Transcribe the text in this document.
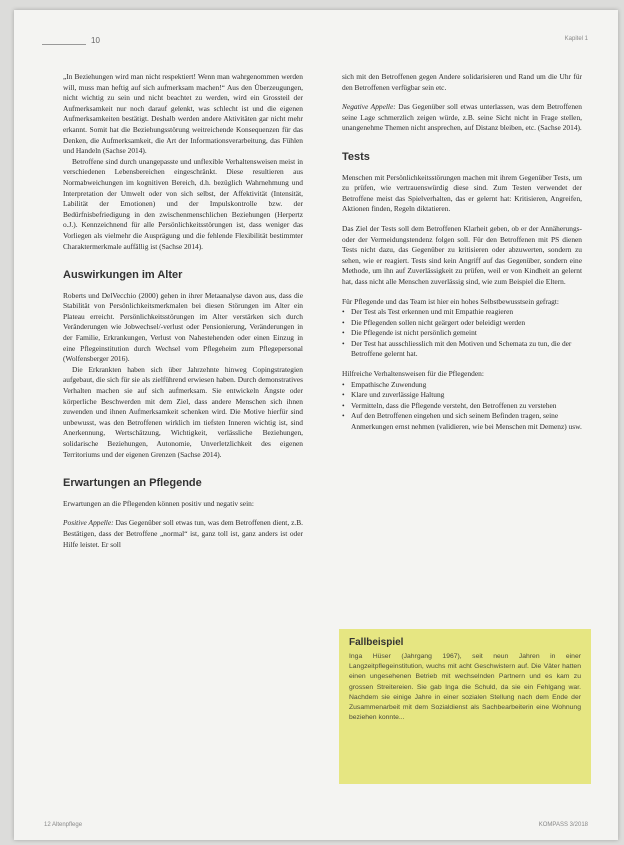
10	Kapitel 1

„In Beziehungen wird man nicht respektiert! Wenn man wahrgenommen werden will, muss man heftig auf sich aufmerksam machen!“ Aus den Überzeugungen, nicht wichtig zu sein und nicht beachtet zu werden, wird ein Grossteil der Aufmerksamkeit nur noch darauf gelenkt, was schlecht ist und die eigenen Aufmerksamkeiten bestätigt. Deshalb werden andere Aktivitäten gar nicht mehr erkannt. Somit hat die Beziehungsstörung weitreichende Konsequenzen für das Denken, die Aufmerksamkeit, die Art der Informationsverarbeitung, das Fühlen und Handeln (Sachse 2014).

Betroffene sind durch unangepasste und unflexible Verhaltensweisen meist in verschiedenen Lebensbereichen eingeschränkt. Diese resultieren aus Normabweichungen im kognitiven Bereich, d.h. bezüglich Wahrnehmung und Interpretation der Umwelt oder von sich selbst, der Affektivität (Intensität, Labilität der Emotionen) und der Impulskontrolle bzw. der Bedürfnisbefriedigung in den zwischenmenschlichen Beziehungen (Herpertz o.J.). Kennzeichnend für alle Persönlichkeitsstörungen ist, dass weniger das Vorliegen als vielmehr die Ausprägung und die fehlende Flexibilität bestimmter Charaktermerkmale auffällig ist (Sachse 2014).

Auswirkungen im Alter

Roberts und DelVecchio (2000) gehen in ihrer Metaanalyse davon aus, dass die Stabilität von Persönlichkeitsmerkmalen bei diesen Störungen im Alter ein Plateau erreicht. Persönlichkeitsstörungen im Alter verstärken sich durch Veränderungen wie Jobwechsel/-verlust oder Pensionierung, Veränderungen in der Familie, Erkrankungen, Verlust von Nahestehenden oder einen Einzug in eine Pflegeinstitution durch Wechsel vom Pflegeheim zum Pflegepersonal (Wolfensberger 2016).

Die Erkrankten haben sich über Jahrzehnte hinweg Copingstrategien aufgebaut, die sich für sie als zielführend erwiesen haben. Durch demonstratives Verhalten machen sie auf sich aufmerksam. Sie entwickeln Ängste oder körperliche Beschwerden mit dem Ziel, dass andere Menschen sich ihnen zuwenden und ihnen Aufmerksamkeit schenken wird. Die Motive hierfür sind unbewusst, was den Betroffenen wirklich im tiefsten Inneren wichtig ist, sind Anerkennung, Wertschätzung, Wichtigkeit, verlässliche Beziehungen, solidarische Beziehungen, Autonomie, Unverletzlichkeit des eigenen Territoriums und der eigenen Grenzen (Sachse 2014).

Erwartungen an Pflegende

Erwartungen an die Pflegenden können positiv und negativ sein:

Positive Appelle: Das Gegenüber soll etwas tun, was dem Betroffenen dient, z.B. Bestätigen, dass der Betroffene „normal“ ist, ganz toll ist, ganz anders ist oder Hilfe leistet. Er soll

sich mit den Betroffenen gegen Andere solidarisieren und Rand um die Uhr für den Betroffenen verfügbar sein etc.

Negative Appelle: Das Gegenüber soll etwas unterlassen, was dem Betroffenen seine Lage schmerzlich zeigen würde, z.B. seine Sicht nicht in Frage stellen, unangenehme Themen nicht ansprechen, auf Distanz bleiben, etc. (Sachse 2014).

Tests

Menschen mit Persönlichkeitsstörungen machen mit ihrem Gegenüber Tests, um zu prüfen, wie vertrauenswürdig diese sind. Zum Testen verwendet der Betroffene meist das Spielverhalten, das er gelernt hat: Kritisieren, Angreifen, Aktionen finden, Regeln diktatieren.

Das Ziel der Tests soll dem Betroffenen Klarheit geben, ob er der Annäherungs- oder der Vermeidungstendenz folgen soll. Für den Betroffenen mit PS dienen Tests nicht dazu, das Gegenüber zu kritisieren oder abzuwerten, sondern zu sehen, wie er reagiert. Tests sind kein Angriff auf das Gegenüber, sondern eine Methode, um ihn auf Zuverlässigkeit zu prüfen, weil er von Kindheit an gelernt hat, dass nicht alle Menschen zuverlässig sind, wie zum Beispiel die Eltern.

Für Pflegende und das Team ist hier ein hohes Selbstbewusstsein gefragt:

• Der Test als Test erkennen und mit Empathie reagieren
• Die Pflegenden sollen nicht geärgert oder beleidigt werden
• Die Pflegende ist nicht persönlich gemeint
• Der Test hat ausschliesslich mit den Motiven und Schemata zu tun, die der Betroffene gelernt hat.

Hilfreiche Verhaltensweisen für die Pflegenden:

• Empathische Zuwendung
• Klare und zuverlässige Haltung
• Vermitteln, dass die Pflegende versteht, den Betroffenen zu verstehen
• Auf den Betroffenen eingehen und sich seinem Befinden tragen, seine Anmerkungen ernst nehmen (validieren, wie bei Menschen mit Demenz) usw.
Fallbeispiel

Inga Hüser (Jahrgang 1967), seit neun Jahren in einer Langzeitpflegeinstitution, wuchs mit acht Geschwistern auf. Die Väter hatten einen ungesehenen Betrieb mit wechselnden Partnern und es kam zu grossen Streitereien. Sie gab Inga die Schuld, da sie ein Fehlgang war. Nachdem sie einige Jahre in einer sozialen Stellung nach dem Ende der Zusammenarbeit mit dem Sozialdienst als Sachbearbeiterin eine Wohnung beziehen konnte...

12 Altenpflege	KOMPASS 3/2018
